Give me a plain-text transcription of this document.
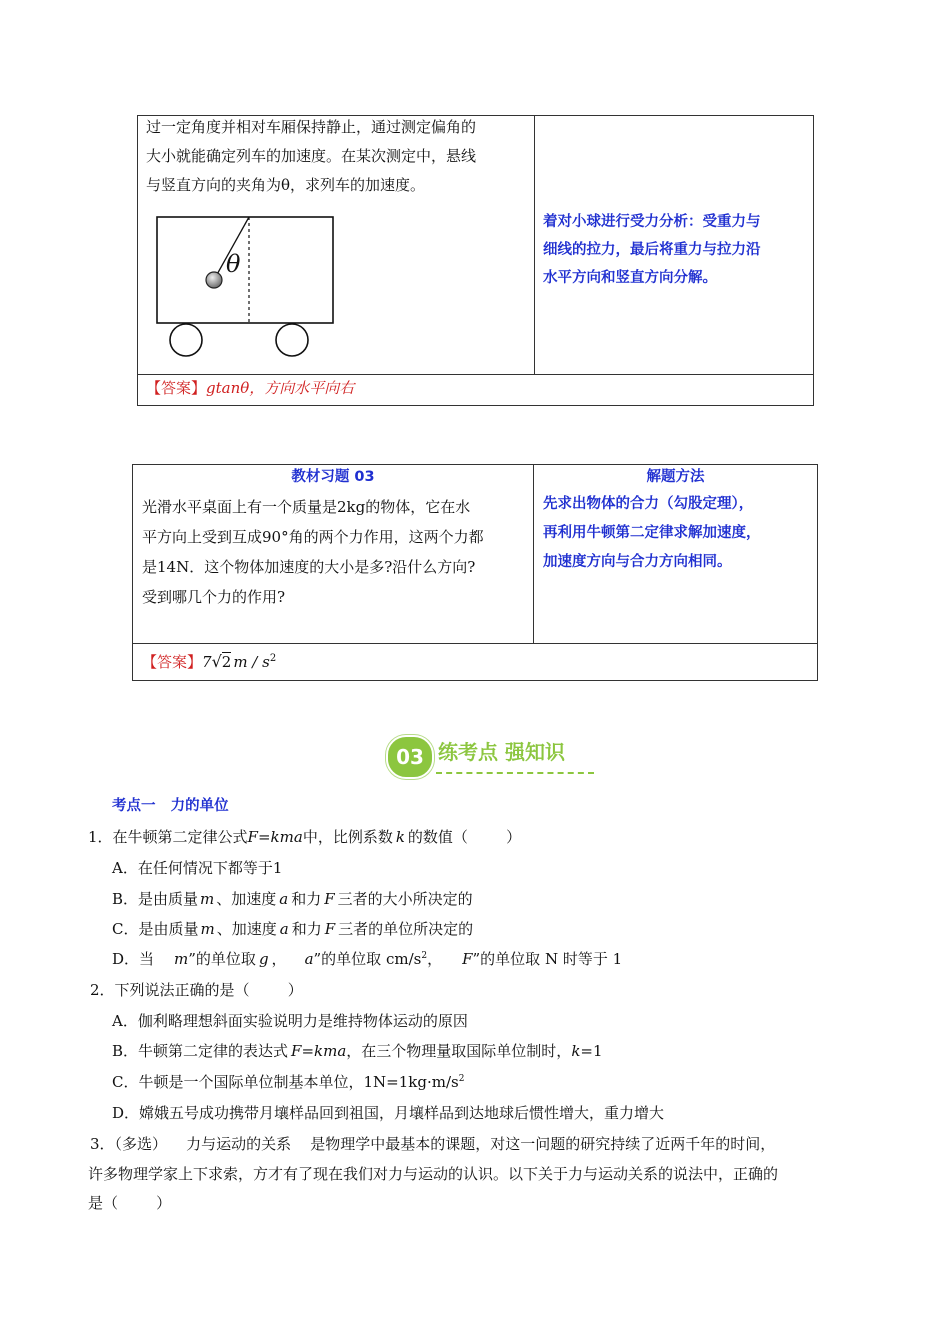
过一定角度并相对车厢保持静止，通过测定偏角的
大小就能确定列车的加速度。在某次测定中，悬线
与竖直方向的夹角为θ，求列车的加速度。
θ
着对小球进行受力分析：受重力与
细线的拉力，最后将重力与拉力沿
水平方向和竖直方向分解。
【答案】gtanθ，方向水平向右
教材习题 03	解题方法
光滑水平桌面上有一个质量是2kg的物体，它在水
平方向上受到互成90°角的两个力作用，这两个力都
是14N．这个物体加速度的大小是多?沿什么方向?
受到哪几个力的作用?
先求出物体的合力（勾股定理），
再利用牛顿第二定律求解加速度，
加速度方向与合力方向相同。
【答案】7√2 m / $s^2$
03 练考点 强知识
考点一   力的单位
1．在牛顿第二定律公式F=kma中，比例系数 k 的数值（        ）
A．在任何情况下都等于1
B．是由质量 m 、加速度 a 和力 F 三者的大小所决定的
C．是由质量 m 、加速度 a 和力 F 三者的单位所决定的
D．当 m”的单位取 g ， a”的单位取 $cm/s^2$， F”的单位取 N 时等于 1
2．下列说法正确的是（        ）
A．伽利略理想斜面实验说明力是维持物体运动的原因
B．牛顿第二定律的表达式 F=kma，在三个物理量取国际单位制时，k=1
C．牛顿是一个国际单位制基本单位，$1N=1kg\cdot m/s^2$
D．嫦娥五号成功携带月壤样品回到祖国，月壤样品到达地球后惯性增大，重力增大
3．（多选）    力与运动的关系    是物理学中最基本的课题，对这一问题的研究持续了近两千年的时间，
许多物理学家上下求索，方才有了现在我们对力与运动的认识。以下关于力与运动关系的说法中，正确的
是（        ）
